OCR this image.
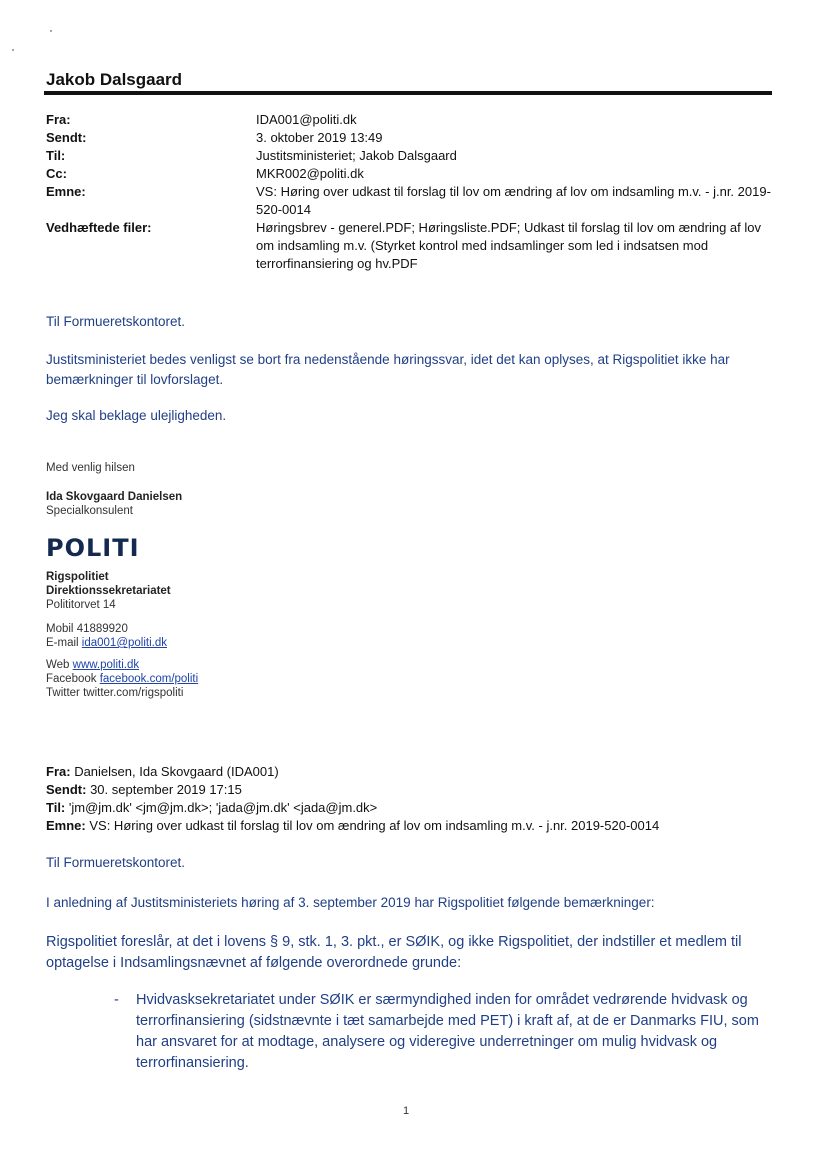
Jakob Dalsgaard
Fra:	IDA001@politi.dk
Sendt:	3. oktober 2019 13:49
Til:	Justitsministeriet; Jakob Dalsgaard
Cc:	MKR002@politi.dk
Emne:	VS: Høring over udkast til forslag til lov om ændring af lov om indsamling m.v. - j.nr. 2019-520-0014
Vedhæftede filer:	Høringsbrev - generel.PDF; Høringsliste.PDF; Udkast til forslag til lov om ændring af lov om indsamling m.v. (Styrket kontrol med indsamlinger som led i indsatsen mod terrorfinansiering og hv.PDF
Til Formueretskontoret.
Justitsministeriet bedes venligst se bort fra nedenstående høringssvar, idet det kan oplyses, at Rigspolitiet ikke har bemærkninger til lovforslaget.
Jeg skal beklage ulejligheden.
Med venlig hilsen
Ida Skovgaard Danielsen
Specialkonsulent
POLITI
Rigspolitiet
Direktionssekretariatet
Polititorvet 14
Mobil 41889920
E-mail ida001@politi.dk
Web www.politi.dk
Facebook facebook.com/politi
Twitter twitter.com/rigspoliti
Fra: Danielsen, Ida Skovgaard (IDA001)
Sendt: 30. september 2019 17:15
Til: 'jm@jm.dk' <jm@jm.dk>; 'jada@jm.dk' <jada@jm.dk>
Emne: VS: Høring over udkast til forslag til lov om ændring af lov om indsamling m.v. - j.nr. 2019-520-0014
Til Formueretskontoret.
I anledning af Justitsministeriets høring af 3. september 2019 har Rigspolitiet følgende bemærkninger:
Rigspolitiet foreslår, at det i lovens § 9, stk. 1, 3. pkt., er SØIK, og ikke Rigspolitiet, der indstiller et medlem til optagelse i Indsamlingsnævnet af følgende overordnede grunde:
- Hvidvasksekretariatet under SØIK er særmyndighed inden for området vedrørende hvidvask og terrorfinansiering (sidstnævnte i tæt samarbejde med PET) i kraft af, at de er Danmarks FIU, som har ansvaret for at modtage, analysere og videregive underretninger om mulig hvidvask og terrorfinansiering.
1
